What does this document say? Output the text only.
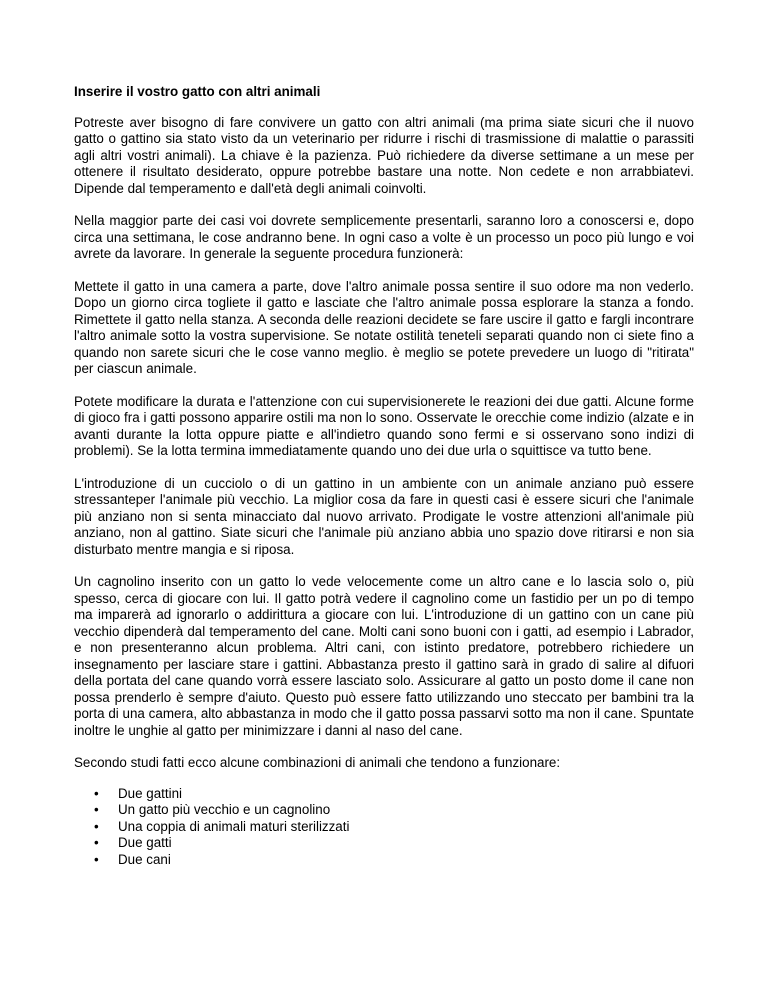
Inserire il vostro gatto con altri animali

Potreste aver bisogno di fare convivere un gatto con altri animali (ma prima siate sicuri che il nuovo gatto o gattino sia stato visto da un veterinario per ridurre i rischi di trasmissione di malattie o parassiti agli altri vostri animali). La chiave è la pazienza. Può richiedere da diverse settimane a un mese per ottenere il risultato desiderato, oppure potrebbe bastare una notte. Non cedete e non arrabbiatevi. Dipende dal temperamento e dall'età degli animali coinvolti.

Nella maggior parte dei casi voi dovrete semplicemente presentarli, saranno loro a conoscersi e, dopo circa una settimana, le cose andranno bene. In ogni caso a volte è un processo un poco più lungo e voi avrete da lavorare. In generale la seguente procedura funzionerà:

Mettete il gatto in una camera a parte, dove l'altro animale possa sentire il suo odore ma non vederlo. Dopo un giorno circa togliete il gatto e lasciate che l'altro animale possa esplorare la stanza a fondo. Rimettete il gatto nella stanza. A seconda delle reazioni decidete se fare uscire il gatto e fargli incontrare l'altro animale sotto la vostra supervisione. Se notate ostilità teneteli separati quando non ci siete fino a quando non sarete sicuri che le cose vanno meglio. è meglio se potete prevedere un luogo di "ritirata" per ciascun animale.

Potete modificare la durata e l'attenzione con cui supervisionerete le reazioni dei due gatti. Alcune forme di gioco fra i gatti possono apparire ostili ma non lo sono. Osservate le orecchie come indizio (alzate e in avanti durante la lotta oppure piatte e all'indietro quando sono fermi e si osservano sono indizi di problemi). Se la lotta termina immediatamente quando uno dei due urla o squittisce va tutto bene.

L'introduzione di un cucciolo o di un gattino in un ambiente con un animale anziano può essere stressanteper l'animale più vecchio. La miglior cosa da fare in questi casi è essere sicuri che l'animale più anziano non si senta minacciato dal nuovo arrivato. Prodigate le vostre attenzioni all'animale più anziano, non al gattino. Siate sicuri che l'animale più anziano abbia uno spazio dove ritirarsi e non sia disturbato mentre mangia e si riposa.

Un cagnolino inserito con un gatto lo vede velocemente come un altro cane e lo lascia solo o, più spesso, cerca di giocare con lui. Il gatto potrà vedere il cagnolino come un fastidio per un po di tempo ma imparerà ad ignorarlo o addirittura a giocare con lui. L'introduzione di un gattino con un cane più vecchio dipenderà dal temperamento del cane. Molti cani sono buoni con i gatti, ad esempio i Labrador, e non presenteranno alcun problema. Altri cani, con istinto predatore, potrebbero richiedere un insegnamento per lasciare stare i gattini. Abbastanza presto il gattino sarà in grado di salire al difuori della portata del cane quando vorrà essere lasciato solo. Assicurare al gatto un posto dome il cane non possa prenderlo è sempre d'aiuto. Questo può essere fatto utilizzando uno steccato per bambini tra la porta di una camera, alto abbastanza in modo che il gatto possa passarvi sotto ma non il cane. Spuntate inoltre le unghie al gatto per minimizzare i danni al naso del cane.

Secondo studi fatti ecco alcune combinazioni di animali che tendono a funzionare:

• Due gattini
• Un gatto più vecchio e un cagnolino
• Una coppia di animali maturi sterilizzati
• Due gatti
• Due cani
